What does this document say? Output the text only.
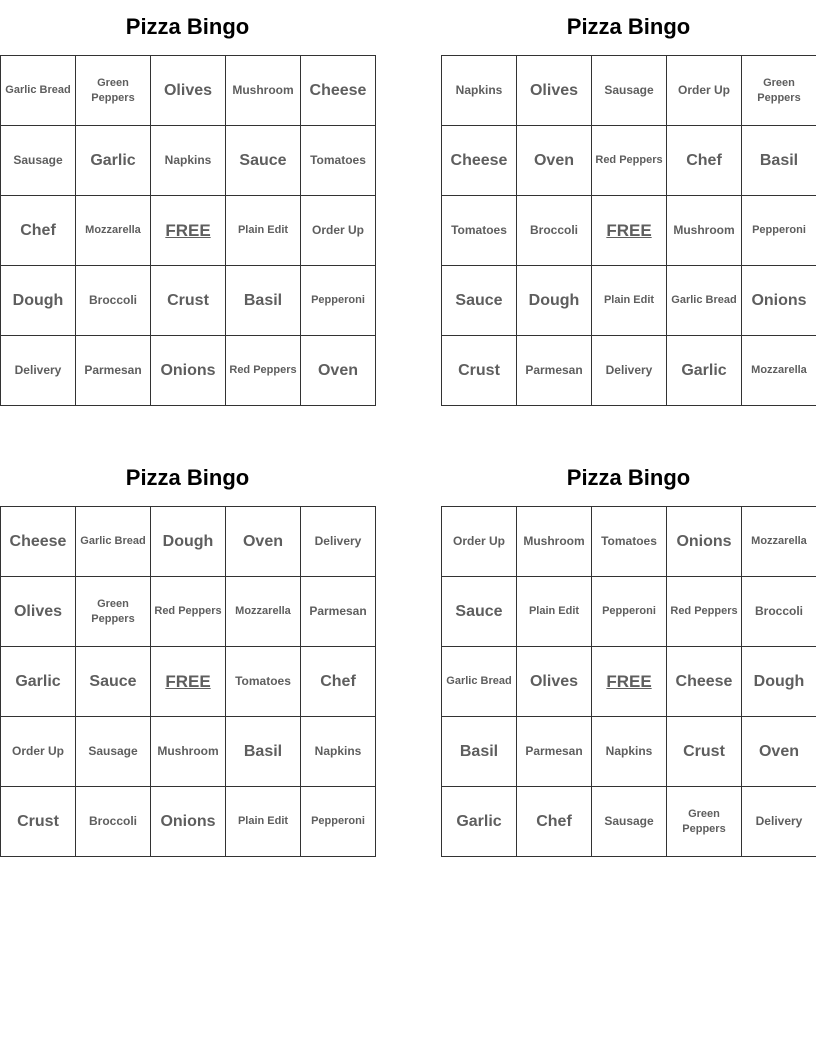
Pizza Bingo
Garlic Bread	Green Peppers	Olives	Mushroom	Cheese
Sausage	Garlic	Napkins	Sauce	Tomatoes
Chef	Mozzarella	FREE	Plain Edit	Order Up
Dough	Broccoli	Crust	Basil	Pepperoni
Delivery	Parmesan	Onions	Red Peppers	Oven
Pizza Bingo
Napkins	Olives	Sausage	Order Up	Green Peppers
Cheese	Oven	Red Peppers	Chef	Basil
Tomatoes	Broccoli	FREE	Mushroom	Pepperoni
Sauce	Dough	Plain Edit	Garlic Bread	Onions
Crust	Parmesan	Delivery	Garlic	Mozzarella
Pizza Bingo
Cheese	Garlic Bread	Dough	Oven	Delivery
Olives	Green Peppers	Red Peppers	Mozzarella	Parmesan
Garlic	Sauce	FREE	Tomatoes	Chef
Order Up	Sausage	Mushroom	Basil	Napkins
Crust	Broccoli	Onions	Plain Edit	Pepperoni
Pizza Bingo
Order Up	Mushroom	Tomatoes	Onions	Mozzarella
Sauce	Plain Edit	Pepperoni	Red Peppers	Broccoli
Garlic Bread	Olives	FREE	Cheese	Dough
Basil	Parmesan	Napkins	Crust	Oven
Garlic	Chef	Sausage	Green Peppers	Delivery
